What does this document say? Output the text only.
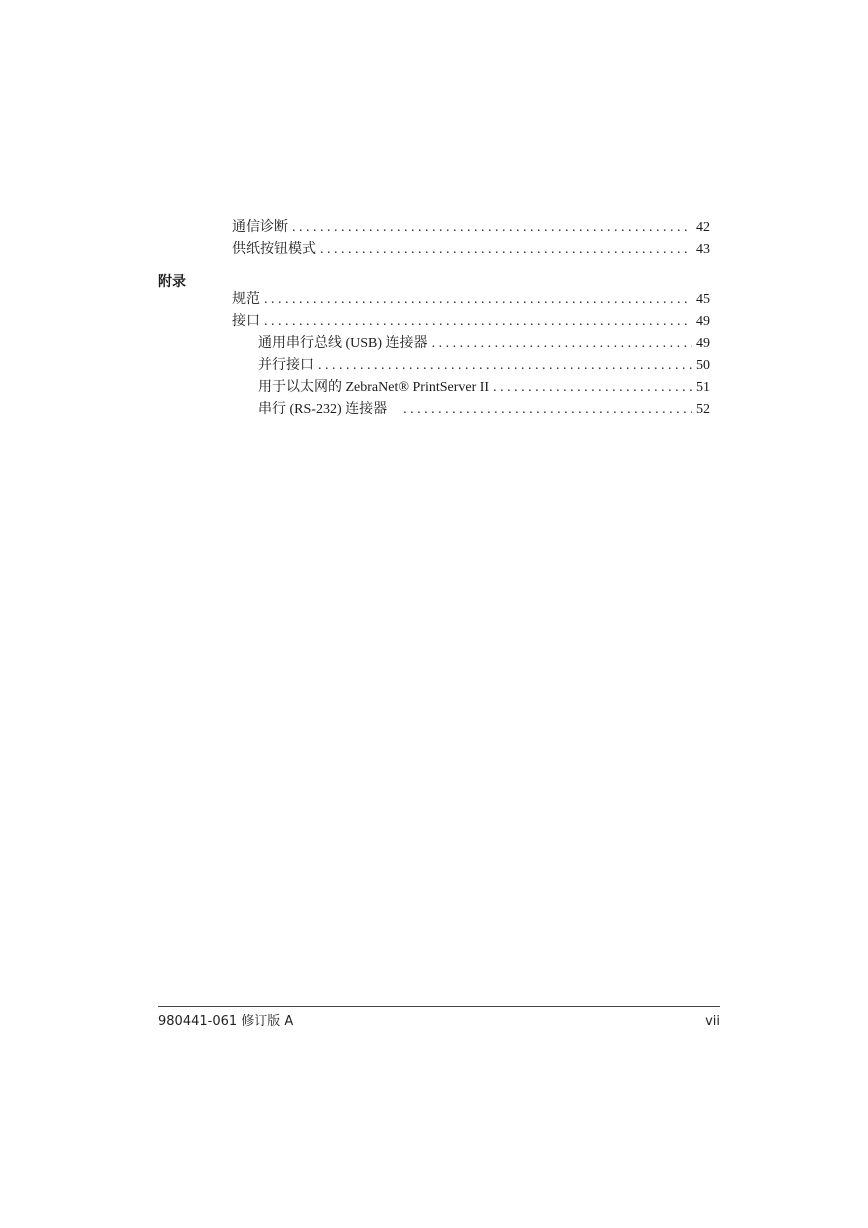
通信诊断 . . .	42
供纸按钮模式 . . .	43
附录
规范 . . .	45
接口 . . .	49
通用串行总线 (USB) 连接器 . . .	49
并行接口 . . .	50
用于以太网的 ZebraNet® PrintServer II . . .	51
串行 (RS-232) 连接器 . . .	52
980441-061 修订版 A	vii
